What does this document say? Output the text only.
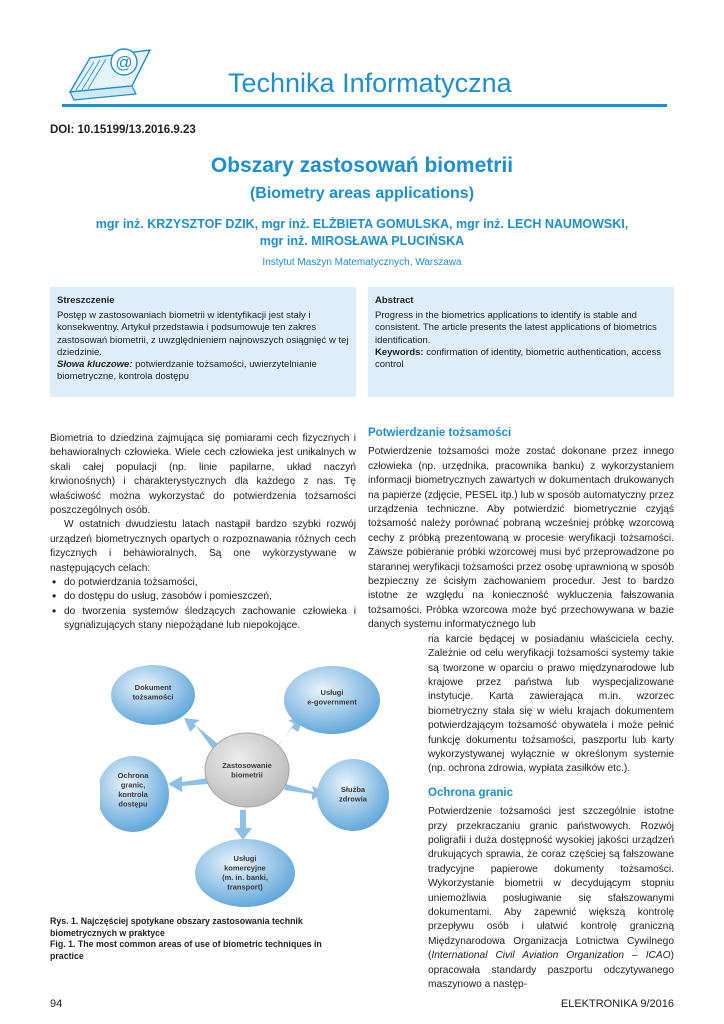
@
Technika Informatyczna
DOI: 10.15199/13.2016.9.23
Obszary zastosowań biometrii
(Biometry areas applications)
mgr inż. KRZYSZTOF DZIK, mgr inż. ELŻBIETA GOMULSKA, mgr inż. LECH NAUMOWSKI,
mgr inż. MIROSŁAWA PLUCIŃSKA
Instytut Maszyn Matematycznych, Warszawa
Streszczenie
Postęp w zastosowaniach biometrii w identyfikacji jest stały i konsekwentny. Artykuł przedstawia i podsumowuje ten zakres zastosowań biometrii, z uwzględnieniem najnowszych osiągnięć w tej dziedzinie.
Słowa kluczowe: potwierdzanie tożsamości, uwierzytelnianie biometryczne, kontrola dostępu
Abstract
Progress in the biometrics applications to identify is stable and consistent. The article presents the latest applications of biometrics identification.
Keywords: confirmation of identity, biometric authentication, access control

Biometria to dziedzina zajmująca się pomiarami cech fizycznych i behawioralnych człowieka. Wiele cech człowieka jest unikalnych w skali całej populacji (np. linie papilarne, układ naczyń krwionośnych) i charakterystycznych dla każdego z nas. Tę właściwość można wykorzystać do potwierdzenia tożsamości poszczególnych osób.

W ostatnich dwudziestu latach nastąpił bardzo szybki rozwój urządzeń biometrycznych opartych o rozpoznawania różnych cech fizycznych i behawioralnych. Są one wykorzystywane w następujących celach:

• do potwierdzania tożsamości,

• do dostępu do usług, zasobów i pomieszczeń,

• do tworzenia systemów śledzących zachowanie człowieka i sygnalizujących stany niepożądane lub niepokojące.

Zastosowanie
biometrii
Dokument
tożsamości	Usługi
e-government
Ochrona
granic,
kontrola
dostępu
Służba
zdrowia
Usługi
komercyjne
(m. in. banki,
transport)
Rys. 1. Najczęściej spotykane obszary zastosowania technik biometrycznych w praktyce
Fig. 1. The most common areas of use of biometric techniques in practice

Potwierdzanie tożsamości

Potwierdzenie tożsamości może zostać dokonane przez innego człowieka (np. urzędnika, pracownika banku) z wykorzystaniem informacji biometrycznych zawartych w dokumentach drukowanych na papierze (zdjęcie, PESEL itp.) lub w sposób automatyczny przez urządzenia techniczne. Aby potwierdzić biometrycznie czyjąś tożsamość należy porównać pobraną wcześniej próbkę wzorcową cechy z próbką prezentowaną w procesie weryfikacji tożsamości. Zawsze pobieranie próbki wzorcowej musi być przeprowadzone po starannej weryfikacji tożsamości przez osobę uprawnioną w sposób bezpieczny ze ścisłym zachowaniem procedur. Jest to bardzo istotne ze względu na konieczność wykluczenia fałszowania tożsamości. Próbka wzorcowa może być przechowywana w bazie danych systemu informatycznego lub

na karcie będącej w posiadaniu właściciela cechy. Zależnie od celu weryfikacji tożsamości systemy takie są tworzone w oparciu o prawo międzynarodowe lub krajowe przez państwa lub wyspecjalizowane instytucje. Karta zawierająca m.in. wzorzec biometryczny stała się w wielu krajach dokumentem potwierdzającym tożsamość obywatela i może pełnić funkcję dokumentu tożsamości, paszportu lub karty wykorzystywanej wyłącznie w określonym systemie (np. ochrona zdrowia, wypłata zasiłków etc.).

Ochrona granic

Potwierdzenie tożsamości jest szczególnie istotne przy przekraczaniu granic państwowych. Rozwój poligrafii i duża dostępność wysokiej jakości urządzeń drukujących sprawia, że coraz częściej są fałszowane tradycyjne papierowe dokumenty tożsamości. Wykorzystanie biometrii w decydującym stopniu uniemożliwia posługiwanie się sfałszowanymi dokumentami. Aby zapewnić większą kontrolę przepływu osób i ułatwić kontrolę graniczną Międzynarodowa Organizacja Lotnictwa Cywilnego (International Civil Aviation Organization – ICAO) opracowała standardy paszportu odczytywanego maszynowo a następ-

94	ELEKTRONIKA 9/2016
